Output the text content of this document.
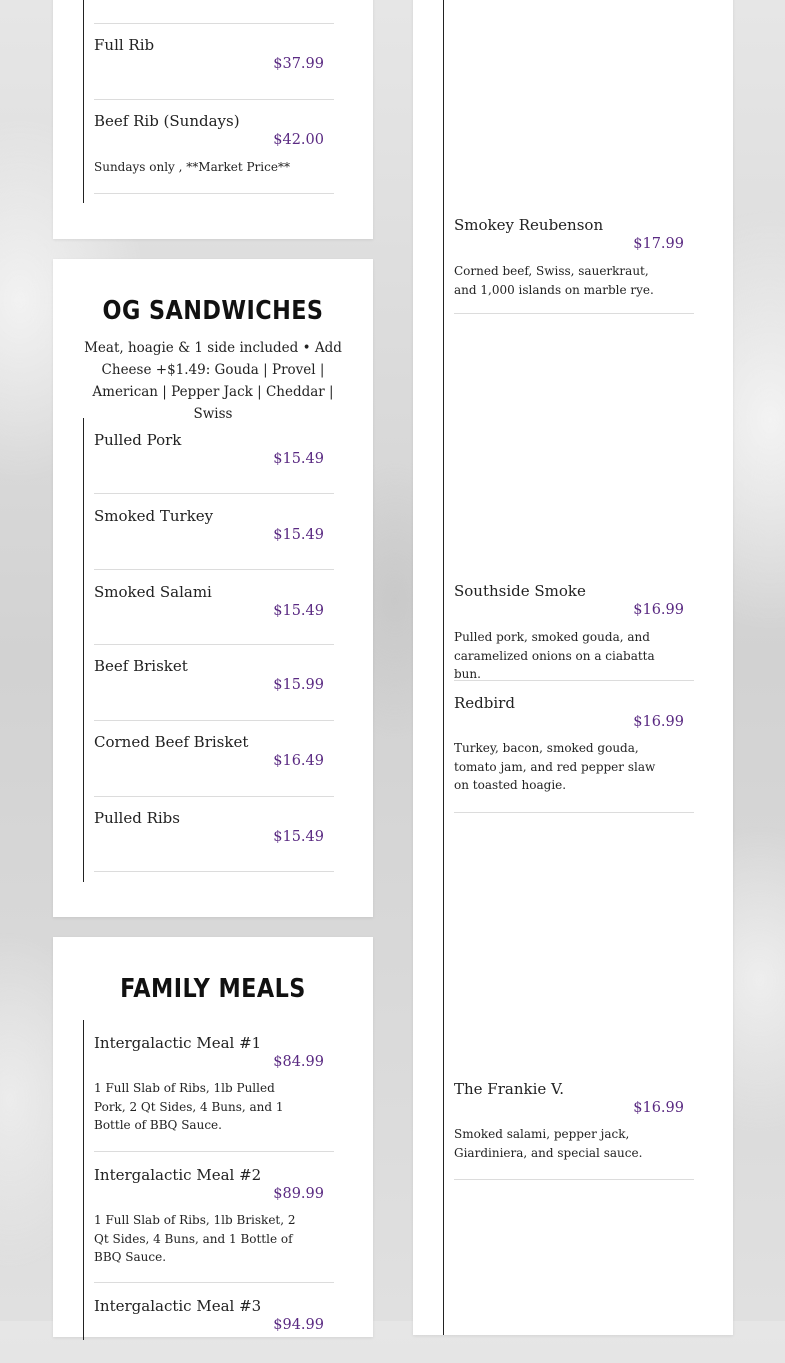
Full Rib
$37.99
Beef Rib (Sundays)
$42.00
Sundays only , **Market Price**
OG SANDWICHES
Meat, hoagie & 1 side included • Add Cheese +$1.49: Gouda | Provel | American | Pepper Jack | Cheddar | Swiss
Pulled Pork
$15.49
Smoked Turkey
$15.49
Smoked Salami
$15.49
Beef Brisket
$15.99
Corned Beef Brisket
$16.49
Pulled Ribs
$15.49
FAMILY MEALS
Intergalactic Meal #1
$84.99
1 Full Slab of Ribs, 1lb Pulled Pork, 2 Qt Sides, 4 Buns, and 1 Bottle of BBQ Sauce.
Intergalactic Meal #2
$89.99
1 Full Slab of Ribs, 1lb Brisket, 2 Qt Sides, 4 Buns, and 1 Bottle of BBQ Sauce.
Intergalactic Meal #3
$94.99
Smokey Reubenson
$17.99
Corned beef, Swiss, sauerkraut, and 1,000 islands on marble rye.
Southside Smoke
$16.99
Pulled pork, smoked gouda, and caramelized onions on a ciabatta bun.
Redbird
$16.99
Turkey, bacon, smoked gouda, tomato jam, and red pepper slaw on toasted hoagie.
The Frankie V.
$16.99
Smoked salami, pepper jack, Giardiniera, and special sauce.
